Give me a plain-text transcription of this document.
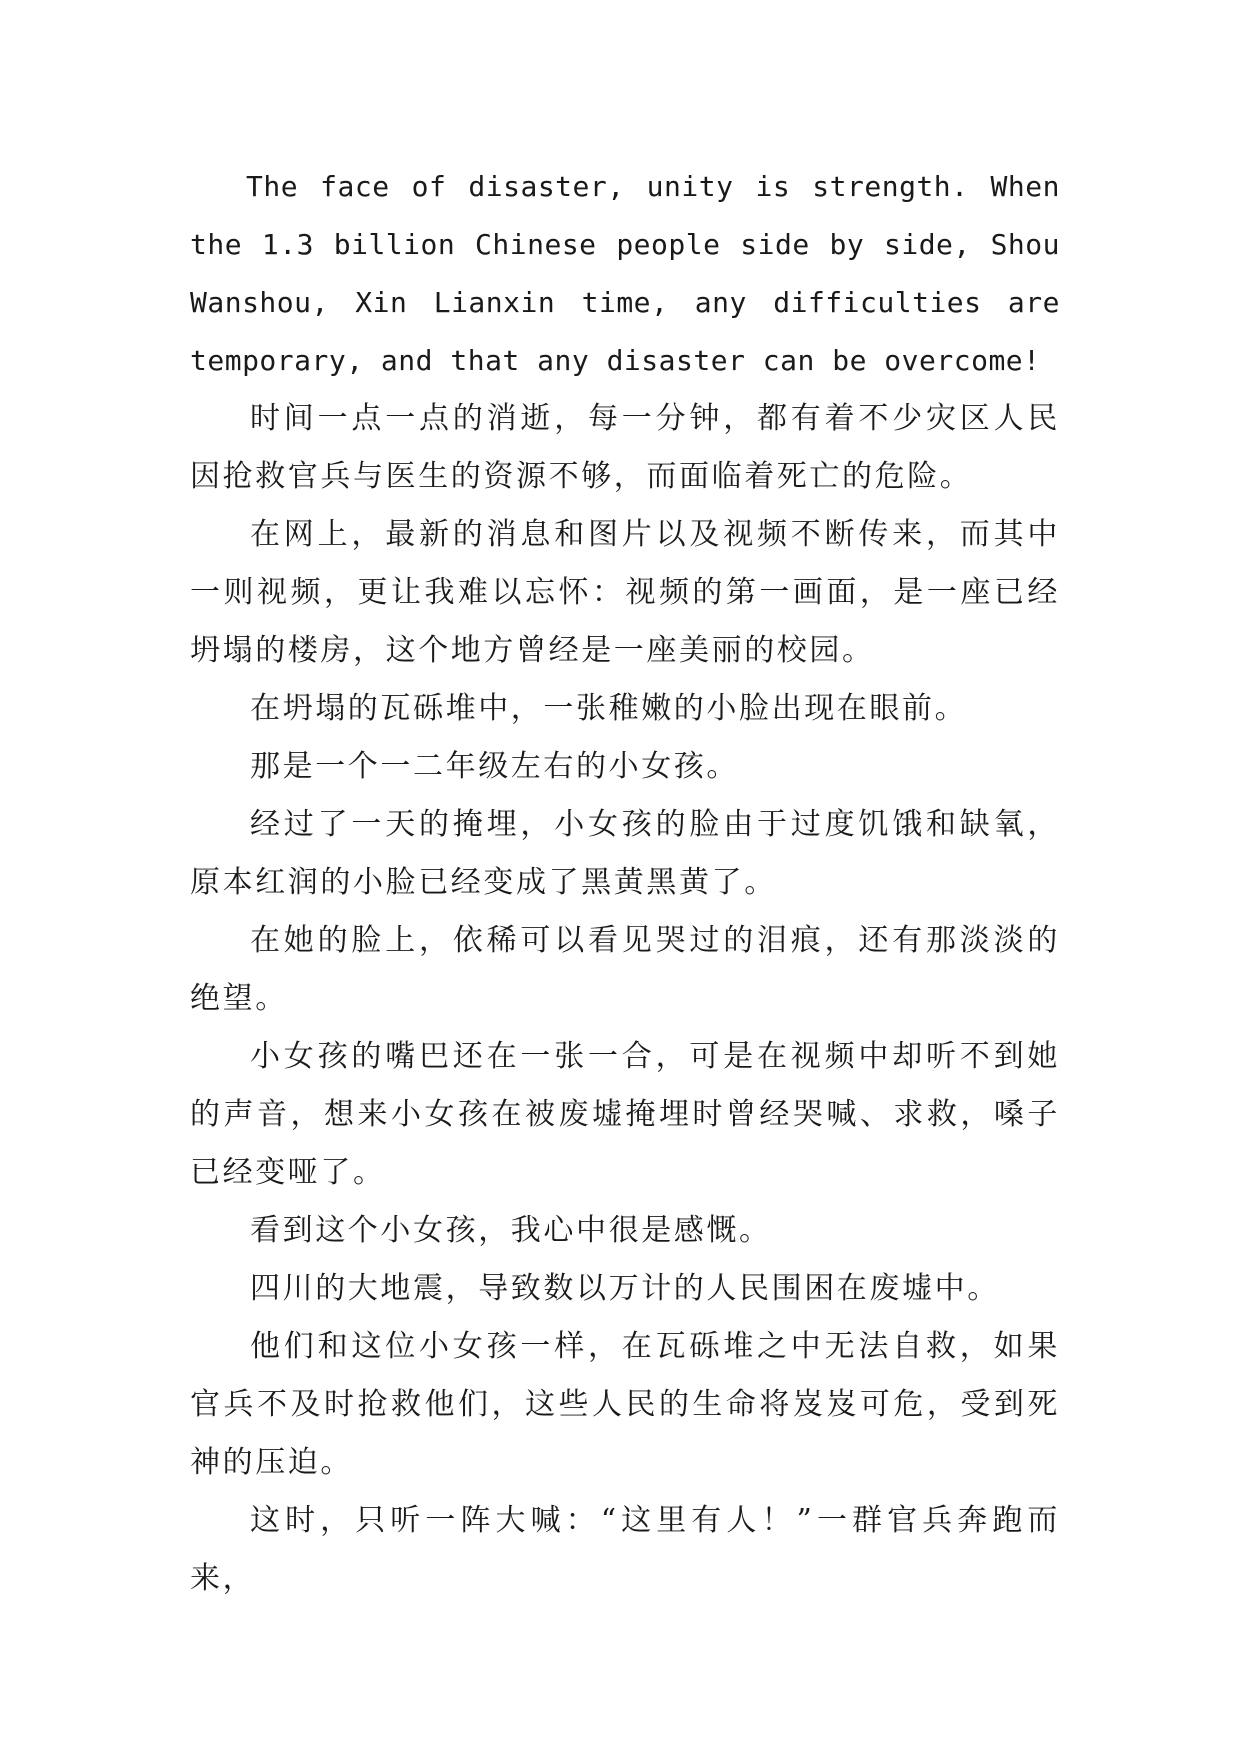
The face of disaster, unity is strength. When the 1.3 billion Chinese people side by side, Shou Wanshou, Xin Lianxin time, any difficulties are temporary, and that any disaster can be overcome!

时间一点一点的消逝，每一分钟，都有着不少灾区人民因抢救官兵与医生的资源不够，而面临着死亡的危险。

在网上，最新的消息和图片以及视频不断传来，而其中一则视频，更让我难以忘怀：视频的第一画面，是一座已经坍塌的楼房，这个地方曾经是一座美丽的校园。

在坍塌的瓦砾堆中，一张稚嫩的小脸出现在眼前。

那是一个一二年级左右的小女孩。

经过了一天的掩埋，小女孩的脸由于过度饥饿和缺氧，原本红润的小脸已经变成了黑黄黑黄了。

在她的脸上，依稀可以看见哭过的泪痕，还有那淡淡的绝望。

小女孩的嘴巴还在一张一合，可是在视频中却听不到她的声音，想来小女孩在被废墟掩埋时曾经哭喊、求救，嗓子已经变哑了。

看到这个小女孩，我心中很是感慨。

四川的大地震，导致数以万计的人民围困在废墟中。

他们和这位小女孩一样，在瓦砾堆之中无法自救，如果官兵不及时抢救他们，这些人民的生命将岌岌可危，受到死神的压迫。

这时，只听一阵大喊：“这里有人！”一群官兵奔跑而来，
